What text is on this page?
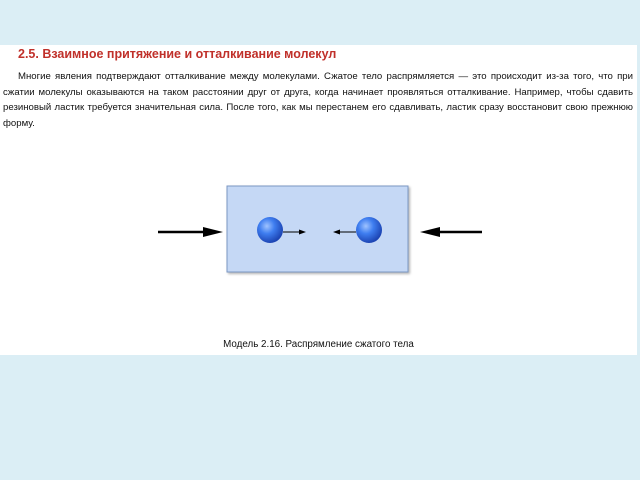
2.5. Взаимное притяжение и отталкивание молекул
Многие явления подтверждают отталкивание между молекулами. Сжатое тело распрямляется — это происходит из-за того, что при сжатии молекулы оказываются на таком расстоянии друг от друга, когда начинает проявляться отталкивание. Например, чтобы сдавить резиновый ластик требуется значительная сила. После того, как мы перестанем его сдавливать, ластик сразу восстановит свою прежнюю форму.
Модель 2.16. Распрямление сжатого тела
